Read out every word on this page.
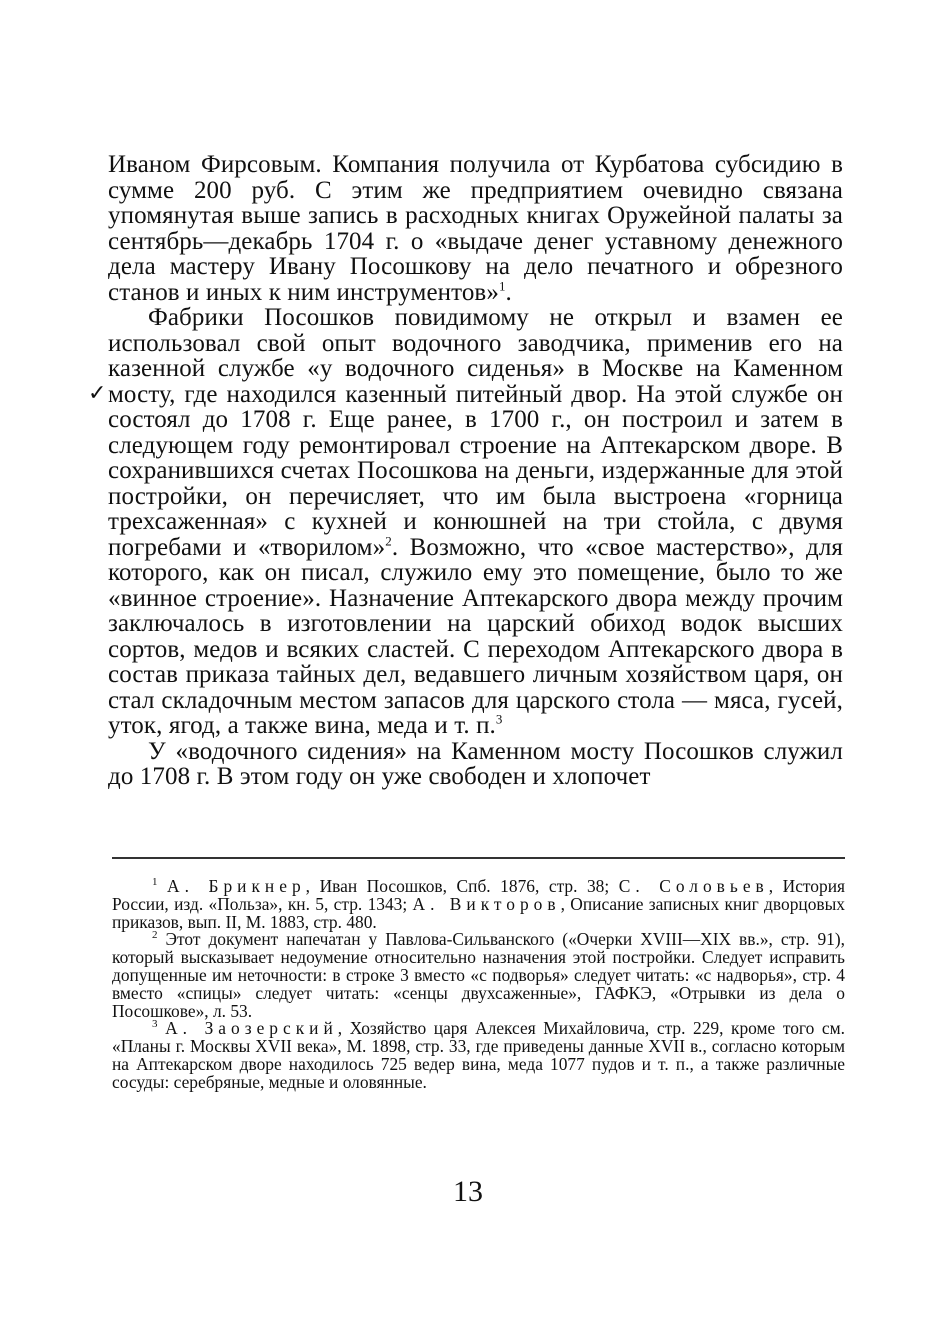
✓

Иваном Фирсовым. Компания получила от Курбатова субсидию в сумме 200 руб. С этим же предприятием очевидно связана упомянутая выше запись в расходных книгах Оружейной палаты за сентябрь—декабрь 1704 г. о «выдаче денег уставному денежного дела мастеру Ивану Посошкову на дело печатного и обрезного станов и иных к ним инструментов»$^1$.

Фабрики Посошков повидимому не открыл и взамен ее использовал свой опыт водочного заводчика, применив его на казенной службе «у водочного сиденья» в Москве на Каменном мосту, где находился казенный питейный двор. На этой службе он состоял до 1708 г. Еще ранее, в 1700 г., он построил и затем в следующем году ремонтировал строение на Аптекарском дворе. В сохранившихся счетах Посошкова на деньги, издержанные для этой постройки, он перечисляет, что им была выстроена «горница трехсаженная» с кухней и конюшней на три стойла, с двумя погребами и «творилом»$^2$. Возможно, что «свое мастерство», для которого, как он писал, служило ему это помещение, было то же «винное строение». Назначение Аптекарского двора между прочим заключалось в изготовлении на царский обиход водок высших сортов, медов и всяких сластей. С переходом Аптекарского двора в состав приказа тайных дел, ведавшего личным хозяйством царя, он стал складочным местом запасов для царского стола — мяса, гусей, уток, ягод, а также вина, меда и т. п.$^3$

У «водочного сидения» на Каменном мосту Посошков служил до 1708 г. В этом году он уже свободен и хлопочет

$^1$ А. Брикнер, Иван Посошков, Спб. 1876, стр. 38; С. Соловьев, История России, изд. «Польза», кн. 5, стр. 1343; А. Викторов, Описание записных книг дворцовых приказов, вып. II, М. 1883, стр. 480.

$^2$ Этот документ напечатан у Павлова-Сильванского («Очерки XVIII—XIX вв.», стр. 91), который высказывает недоумение относительно назначения этой постройки. Следует исправить допущенные им неточности: в строке 3 вместо «с подворья» следует читать: «с надворья», стр. 4 вместо «спицы» следует читать: «сенцы двухсаженные», ГАФКЭ, «Отрывки из дела о Посошкове», л. 53.

$^3$ А. Заозерский, Хозяйство царя Алексея Михайловича, стр. 229, кроме того см. «Планы г. Москвы XVII века», М. 1898, стр. 33, где приведены данные XVII в., согласно которым на Аптекарском дворе находилось 725 ведер вина, меда 1077 пудов и т. п., а также различные сосуды: серебряные, медные и оловянные.

13
